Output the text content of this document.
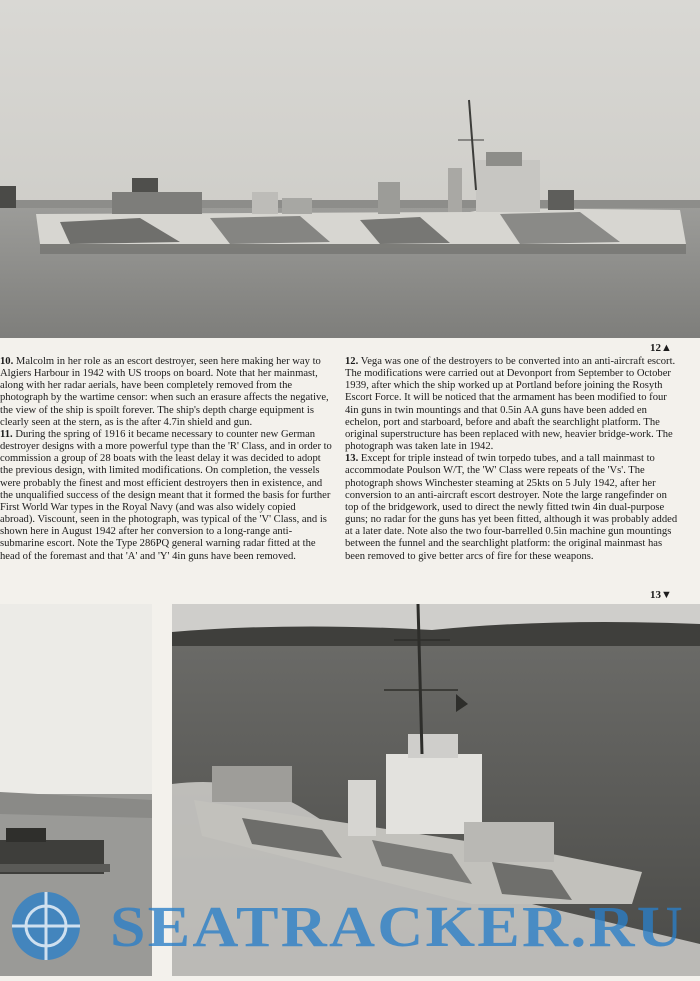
12▲

10. Malcolm in her role as an escort destroyer, seen here making her way to Algiers Harbour in 1942 with US troops on board. Note that her mainmast, along with her radar aerials, have been completely removed from the photograph by the wartime censor: when such an erasure affects the negative, the view of the ship is spoilt forever. The ship's depth charge equipment is clearly seen at the stern, as is the after 4.7in shield and gun.

11. During the spring of 1916 it became necessary to counter new German destroyer designs with a more powerful type than the 'R' Class, and in order to commission a group of 28 boats with the least delay it was decided to adopt the previous design, with limited modifications. On completion, the vessels were probably the finest and most efficient destroyers then in existence, and the unqualified success of the design meant that it formed the basis for further First World War types in the Royal Navy (and was also widely copied abroad). Viscount, seen in the photograph, was typical of the 'V' Class, and is shown here in August 1942 after her conversion to a long-range anti-submarine escort. Note the Type 286PQ general warning radar fitted at the head of the foremast and that 'A' and 'Y' 4in guns have been removed.

12. Vega was one of the destroyers to be converted into an anti-aircraft escort. The modifications were carried out at Devonport from September to October 1939, after which the ship worked up at Portland before joining the Rosyth Escort Force. It will be noticed that the armament has been modified to four 4in guns in twin mountings and that 0.5in AA guns have been added en echelon, port and starboard, before and abaft the searchlight platform. The original superstructure has been replaced with new, heavier bridge-work. The photograph was taken late in 1942.

13. Except for triple instead of twin torpedo tubes, and a tall mainmast to accommodate Poulson W/T, the 'W' Class were repeats of the 'Vs'. The photograph shows Winchester steaming at 25kts on 5 July 1942, after her conversion to an anti-aircraft escort destroyer. Note the large rangefinder on top of the bridgework, used to direct the newly fitted twin 4in dual-purpose guns; no radar for the guns has yet been fitted, although it was probably added at a later date. Note also the two four-barrelled 0.5in machine gun mountings between the funnel and the searchlight platform: the original mainmast has been removed to give better arcs of fire for these weapons.

13▼
SEATRACKER.RU
